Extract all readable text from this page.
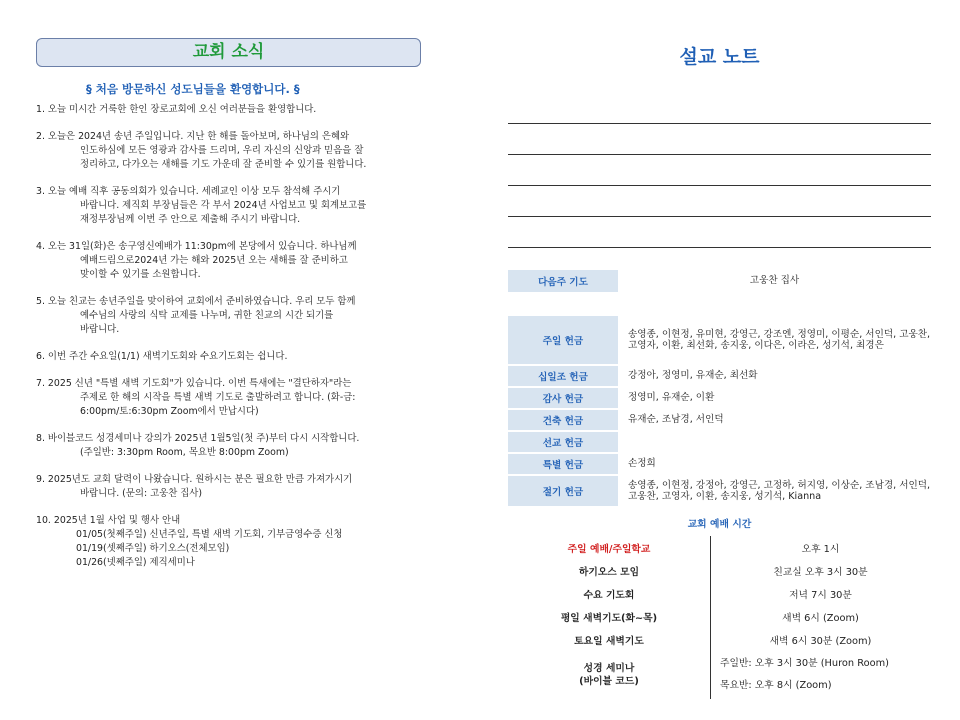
교회 소식
§ 처음 방문하신 성도님들을 환영합니다. §
1. 오늘 미시간 거룩한 한인 장로교회에 오신 여러분들을 환영합니다.
2. 오늘은 2024년 송년 주일입니다. 지난 한 해를 돌아보며, 하나님의 은혜와
인도하심에 모든 영광과 감사를 드리며, 우리 자신의 신앙과 믿음을 잘
정리하고, 다가오는 새해를 기도 가운데 잘 준비할 수 있기를 원합니다.
3. 오늘 예배 직후 공동의회가 있습니다. 세례교인 이상 모두 참석해 주시기
바랍니다. 제직회 부장님들은 각 부서 2024년 사업보고 및 회계보고를
재정부장님께 이번 주 안으로 제출해 주시기 바랍니다.
4. 오는 31일(화)은 송구영신예배가 11:30pm에 본당에서 있습니다. 하나님께
예배드림으로2024년 가는 해와 2025년 오는 새해를 잘 준비하고
맞이할 수 있기를 소원합니다.
5. 오늘 친교는 송년주일을 맞이하여 교회에서 준비하였습니다. 우리 모두 함께
예수님의 사랑의 식탁 교제를 나누며, 귀한 친교의 시간 되기를
바랍니다.
6. 이번 주간 수요일(1/1) 새벽기도회와 수요기도회는 쉽니다.
7. 2025 신년 "특별 새벽 기도회"가 있습니다. 이번 특새에는 "결단하자"라는
주제로 한 해의 시작을 특별 새벽 기도로 출발하려고 합니다. (화-금:
6:00pm/토:6:30pm Zoom에서 만납시다)
8. 바이블코드 성경세미나 강의가 2025년 1월5일(첫 주)부터 다시 시작합니다.
(주일반: 3:30pm Room, 목요반 8:00pm Zoom)
9. 2025년도 교회 달력이 나왔습니다. 원하시는 분은 필요한 만큼 가져가시기
바랍니다. (문의: 고웅찬 집사)
10. 2025년 1월 사업 및 행사 안내
01/05(첫째주일) 신년주일, 특별 새벽 기도회, 기부금영수증 신청
01/19(셋째주일) 하기오스(전체모임)
01/26(넷째주일) 제직세미나
설교 노트
다음주 기도	고웅찬 집사

주일 헌금	송영종, 이현정, 유미현, 강영근, 강조엔, 정영미, 이평순, 서인덕, 고웅찬, 고영자, 이환, 최선화, 송지웅, 이다은, 이라은, 성기석, 최경은

십일조 헌금	강정아, 정영미, 유재순, 최선화

감사 헌금	정영미, 유재순, 이환

건축 헌금	유재순, 조남경, 서인덕

선교 헌금	

특별 헌금	손정희

절기 헌금	송영종, 이현정, 강정아, 강영근, 고정하, 허지영, 이상순, 조남경, 서인덕, 고웅찬, 고영자, 이환, 송지웅, 성기석, Kianna
교회 예배 시간
주일 예배/주일학교	오후 1시
하기오스 모임	친교실 오후 3시 30분
수요 기도회	저녁 7시 30분
평일 새벽기도(화~목)	새벽 6시 (Zoom)
토요일 새벽기도	새벽 6시 30분 (Zoom)
성경 세미나
(바이블 코드)
주일반: 오후 3시 30분 (Huron Room)
목요반: 오후 8시 (Zoom)
